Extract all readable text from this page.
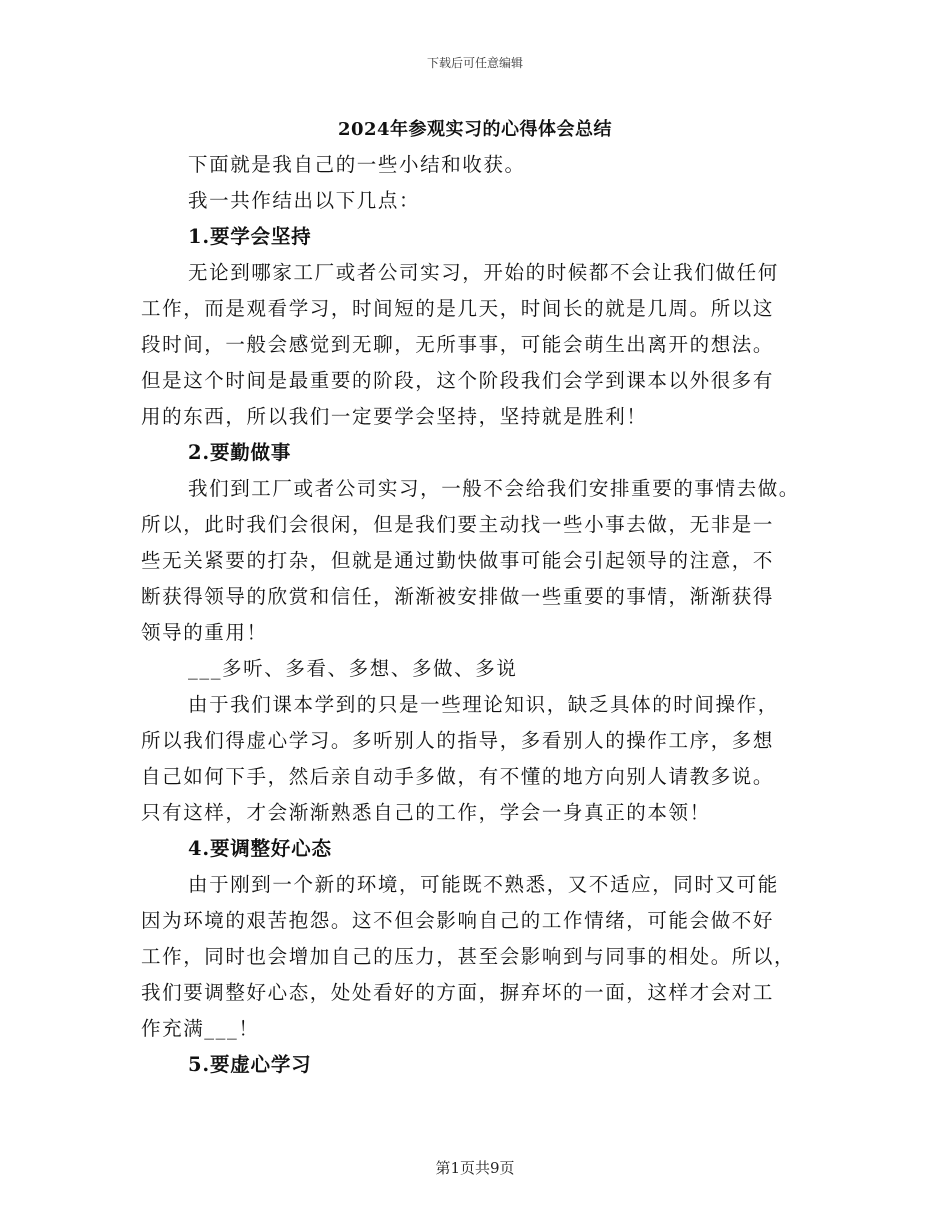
下载后可任意编辑
2024年参观实习的心得体会总结

下面就是我自己的一些小结和收获。

我一共作结出以下几点：

1.要学会坚持

无论到哪家工厂或者公司实习，开始的时候都不会让我们做任何

工作，而是观看学习，时间短的是几天，时间长的就是几周。所以这

段时间，一般会感觉到无聊，无所事事，可能会萌生出离开的想法。

但是这个时间是最重要的阶段，这个阶段我们会学到课本以外很多有

用的东西，所以我们一定要学会坚持，坚持就是胜利！

2.要勤做事

我们到工厂或者公司实习，一般不会给我们安排重要的事情去做。

所以，此时我们会很闲，但是我们要主动找一些小事去做，无非是一

些无关紧要的打杂，但就是通过勤快做事可能会引起领导的注意，不

断获得领导的欣赏和信任，渐渐被安排做一些重要的事情，渐渐获得

领导的重用！

___多听、多看、多想、多做、多说

由于我们课本学到的只是一些理论知识，缺乏具体的时间操作，

所以我们得虚心学习。多听别人的指导，多看别人的操作工序，多想

自己如何下手，然后亲自动手多做，有不懂的地方向别人请教多说。

只有这样，才会渐渐熟悉自己的工作，学会一身真正的本领！

4.要调整好心态

由于刚到一个新的环境，可能既不熟悉，又不适应，同时又可能

因为环境的艰苦抱怨。这不但会影响自己的工作情绪，可能会做不好

工作，同时也会增加自己的压力，甚至会影响到与同事的相处。所以，

我们要调整好心态，处处看好的方面，摒弃坏的一面，这样才会对工

作充满___！

5.要虚心学习

第1页共9页
